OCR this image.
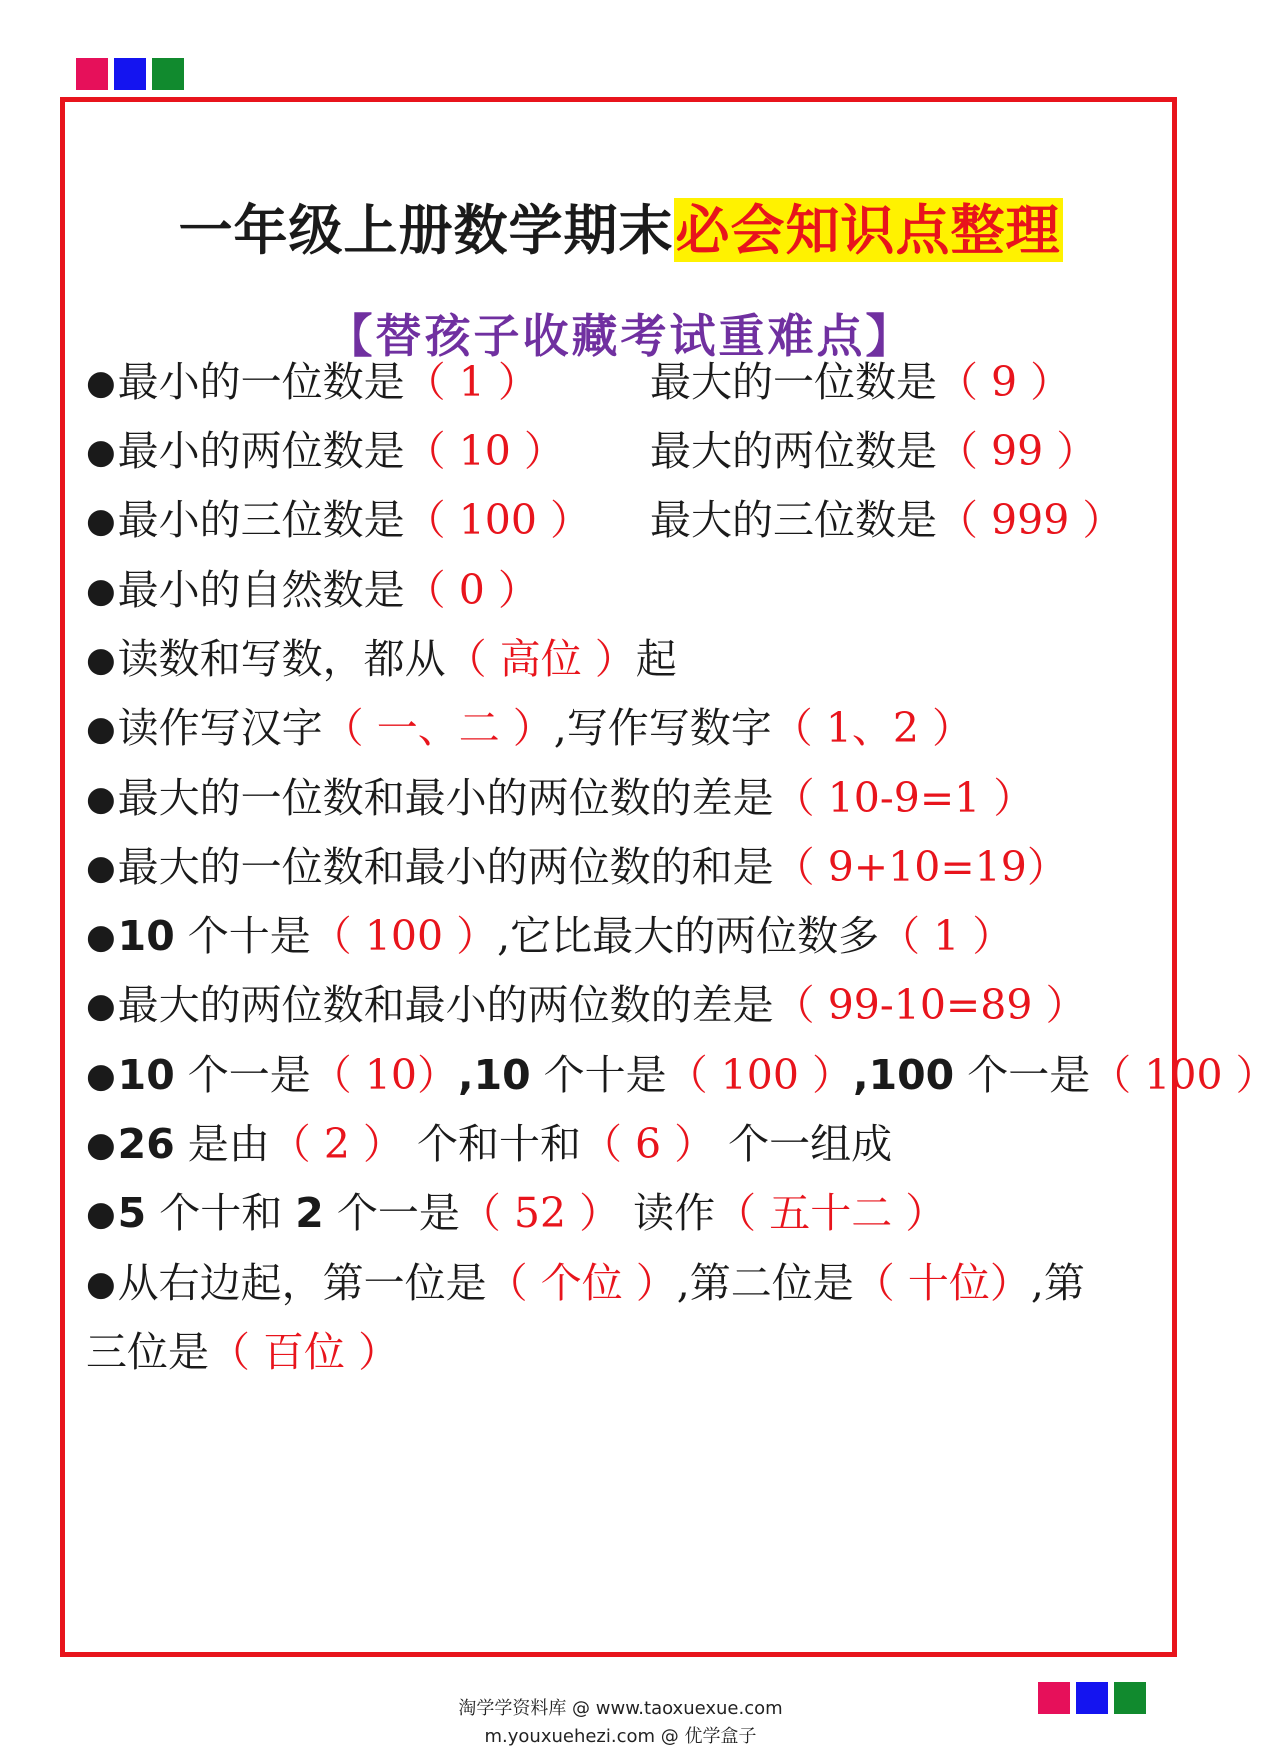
一年级上册数学期末必会知识点整理
【替孩子收藏考试重难点】
●最小的一位数是（ 1 ）	最大的一位数是（ 9 ）
●最小的两位数是（ 10 ） 最大的两位数是（ 99 ）
●最小的三位数是（ 100 ） 最大的三位数是（ 999 ）
●最小的自然数是（ 0 ）
●读数和写数，都从（ 高位 ）起
●读作写汉字（ 一、二 ）,写作写数字（ 1、2 ）
●最大的一位数和最小的两位数的差是（ 10-9=1 ）
●最大的一位数和最小的两位数的和是（ 9+10=19）
●10 个十是（ 100 ）,它比最大的两位数多（ 1 ）
●最大的两位数和最小的两位数的差是（ 99-10=89 ）
●10 个一是（ 10）,10 个十是（ 100 ）,100 个一是（ 100 ）
●26 是由（ 2 ） 个和十和（ 6 ） 个一组成
●5 个十和 2 个一是（ 52 ） 读作（ 五十二 ）
●从右边起，第一位是（ 个位 ）,第二位是（ 十位）,第
三位是（ 百位 ）
淘学学资料库 @ www.taoxuexue.com
m.youxuehezi.com @ 优学盒子
